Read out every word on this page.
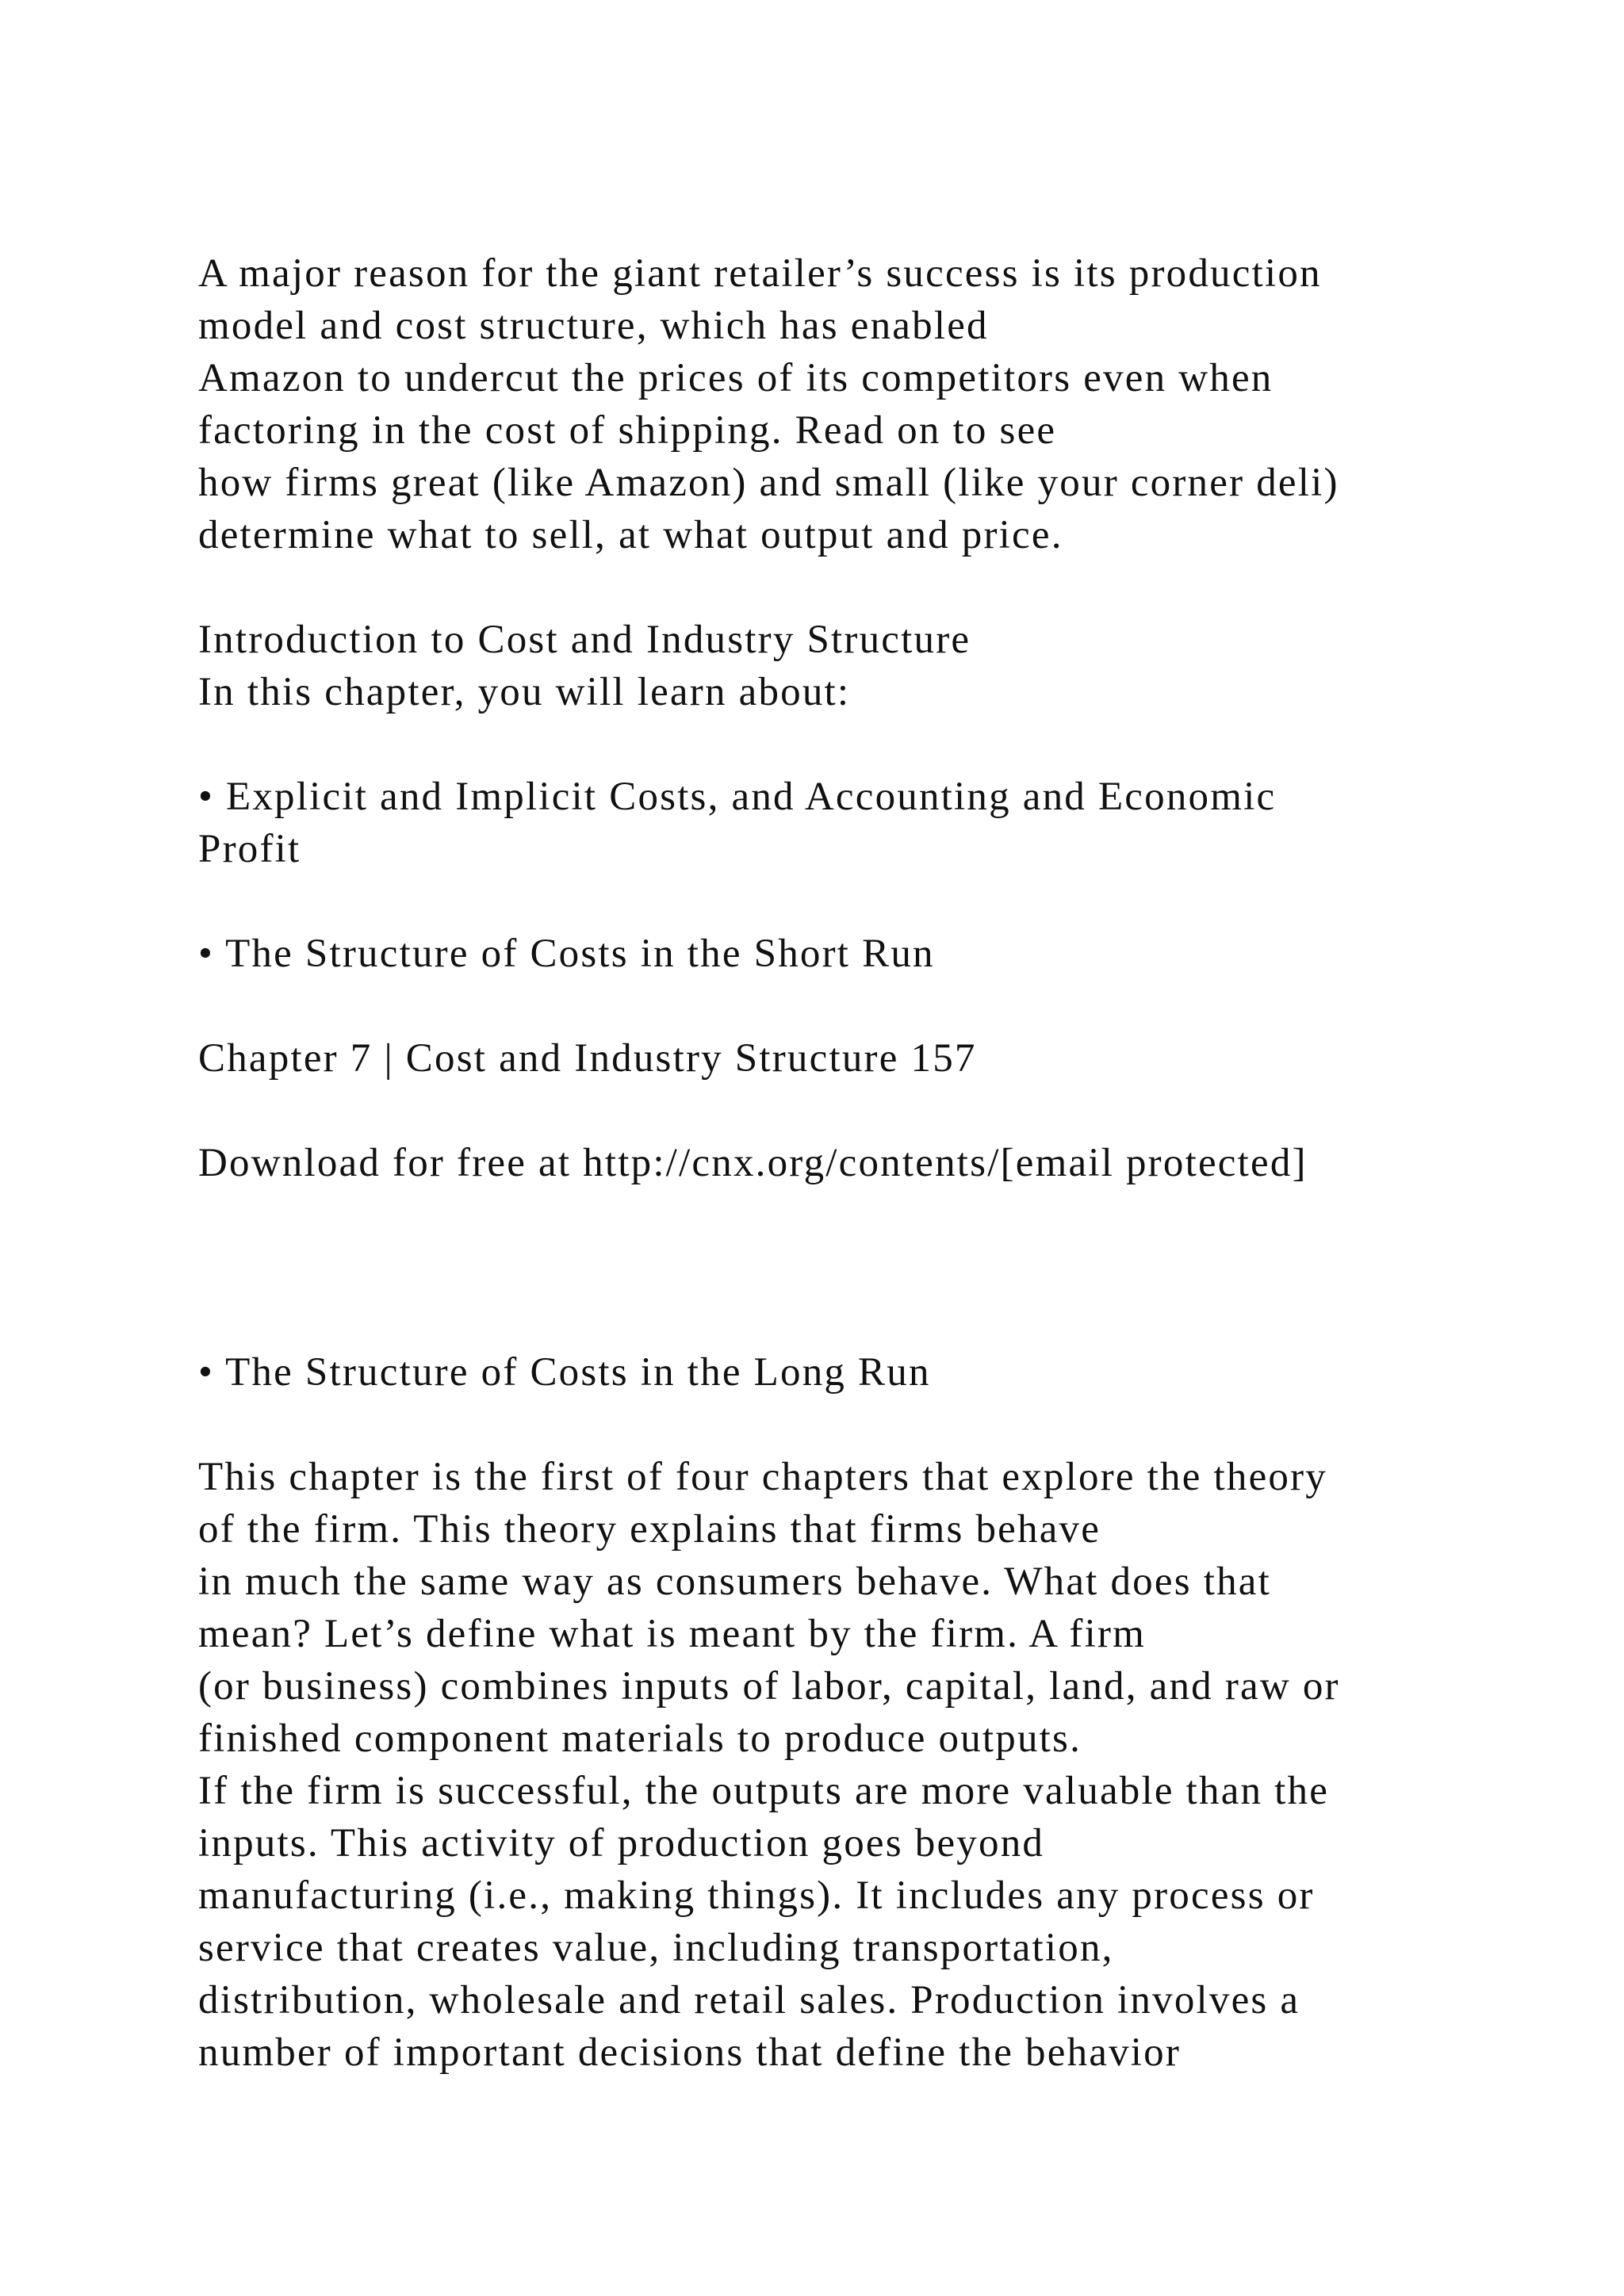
A major reason for the giant retailer’s success is its production
model and cost structure, which has enabled
Amazon to undercut the prices of its competitors even when
factoring in the cost of shipping. Read on to see
how firms great (like Amazon) and small (like your corner deli)
determine what to sell, at what output and price.
Introduction to Cost and Industry Structure
In this chapter, you will learn about:
• Explicit and Implicit Costs, and Accounting and Economic
Profit
• The Structure of Costs in the Short Run
Chapter 7 | Cost and Industry Structure 157
Download for free at http://cnx.org/contents/[email protected]
• The Structure of Costs in the Long Run
This chapter is the first of four chapters that explore the theory
of the firm. This theory explains that firms behave
in much the same way as consumers behave. What does that
mean? Let’s define what is meant by the firm. A firm
(or business) combines inputs of labor, capital, land, and raw or
finished component materials to produce outputs.
If the firm is successful, the outputs are more valuable than the
inputs. This activity of production goes beyond
manufacturing (i.e., making things). It includes any process or
service that creates value, including transportation,
distribution, wholesale and retail sales. Production involves a
number of important decisions that define the behavior
